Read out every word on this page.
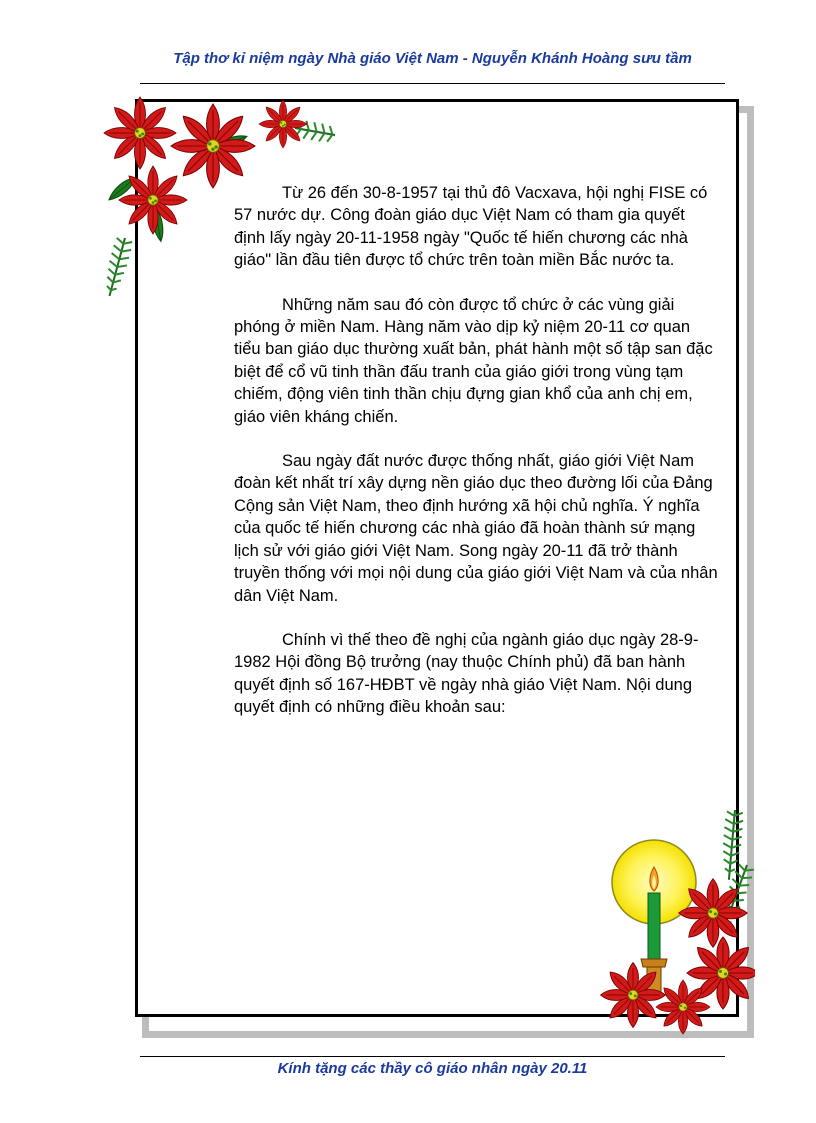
Tập thơ kỉ niệm ngày Nhà giáo Việt Nam - Nguyễn Khánh Hoàng sưu tầm

Từ 26 đến 30-8-1957 tại thủ đô Vacxava, hội nghị FISE có 57 nước dự. Công đoàn giáo dục Việt Nam có tham gia quyết định lấy ngày 20-11-1958 ngày "Quốc tế hiến chương các nhà giáo" lần đầu tiên được tổ chức trên toàn miền Bắc nước ta.

Những năm sau đó còn được tổ chức ở các vùng giải phóng ở miền Nam. Hàng năm vào dịp kỷ niệm 20-11 cơ quan tiểu ban giáo dục thường xuất bản, phát hành một số tập san đặc biệt để cổ vũ tinh thần đấu tranh của giáo giới trong vùng tạm chiếm, động viên tinh thần chịu đựng gian khổ của anh chị em, giáo viên kháng chiến.

Sau ngày đất nước được thống nhất, giáo giới Việt Nam đoàn kết nhất trí xây dựng nền giáo dục theo đường lối của Đảng Cộng sản Việt Nam, theo định hướng xã hội chủ nghĩa. Ý nghĩa của quốc tế hiến chương các nhà giáo đã hoàn thành sứ mạng lịch sử với giáo giới Việt Nam. Song ngày 20-11 đã trở thành truyền thống với mọi nội dung của giáo giới Việt Nam và của nhân dân Việt Nam.

Chính vì thế theo đề nghị của ngành giáo dục ngày 28-9-1982 Hội đồng Bộ trưởng (nay thuộc Chính phủ) đã ban hành quyết định số 167-HĐBT về ngày nhà giáo Việt Nam. Nội dung quyết định có những điều khoản sau:

Kính tặng các thầy cô giáo nhân ngày 20.11
